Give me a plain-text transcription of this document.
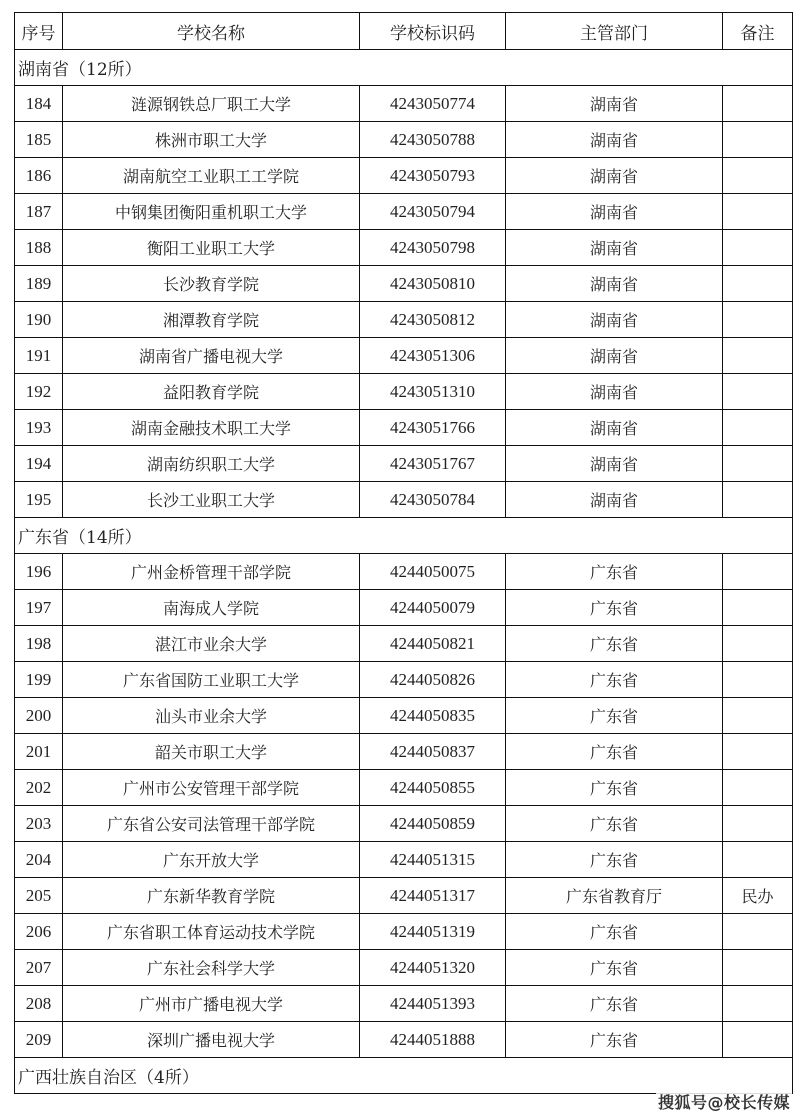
序号	学校名称	学校标识码	主管部门	备注
湖南省（12所）				
184	涟源钢铁总厂职工大学	4243050774	湖南省	
185	株洲市职工大学	4243050788	湖南省	
186	湖南航空工业职工工学院	4243050793	湖南省	
187	中钢集团衡阳重机职工大学	4243050794	湖南省	
188	衡阳工业职工大学	4243050798	湖南省	
189	长沙教育学院	4243050810	湖南省	
190	湘潭教育学院	4243050812	湖南省	
191	湖南省广播电视大学	4243051306	湖南省	
192	益阳教育学院	4243051310	湖南省	
193	湖南金融技术职工大学	4243051766	湖南省	
194	湖南纺织职工大学	4243051767	湖南省	
195	长沙工业职工大学	4243050784	湖南省	
广东省（14所）				
196	广州金桥管理干部学院	4244050075	广东省	
197	南海成人学院	4244050079	广东省	
198	湛江市业余大学	4244050821	广东省	
199	广东省国防工业职工大学	4244050826	广东省	
200	汕头市业余大学	4244050835	广东省	
201	韶关市职工大学	4244050837	广东省	
202	广州市公安管理干部学院	4244050855	广东省	
203	广东省公安司法管理干部学院	4244050859	广东省	
204	广东开放大学	4244051315	广东省	
205	广东新华教育学院	4244051317	广东省教育厅	民办
206	广东省职工体育运动技术学院	4244051319	广东省	
207	广东社会科学大学	4244051320	广东省	
208	广州市广播电视大学	4244051393	广东省	
209	深圳广播电视大学	4244051888	广东省	
广西壮族自治区（4所）				
搜狐号@校长传媒
